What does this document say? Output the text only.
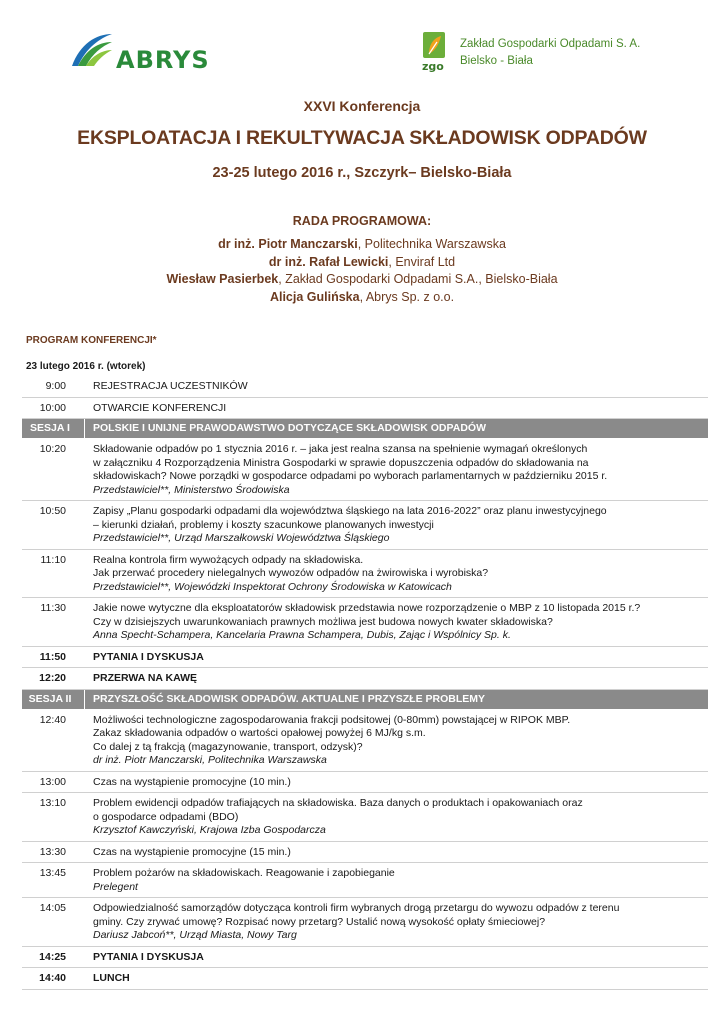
ABRYS	zgo
Zakład Gospodarki Odpadami S. A.
Bielsko - Biała
XXVI Konferencja
EKSPLOATACJA I REKULTYWACJA SKŁADOWISK ODPADÓW
23-25 lutego 2016 r., Szczyrk– Bielsko-Biała
RADA PROGRAMOWA:
dr inż. Piotr Manczarski, Politechnika Warszawska
dr inż. Rafał Lewicki, Enviraf Ltd
Wiesław Pasierbek, Zakład Gospodarki Odpadami S.A., Bielsko-Biała
Alicja Gulińska, Abrys Sp. z o.o.
PROGRAM KONFERENCJI*
23 lutego 2016 r. (wtorek)
9:00	REJESTRACJA UCZESTNIKÓW
10:00	OTWARCIE KONFERENCJI
SESJA I POLSKIE I UNIJNE PRAWODAWSTWO DOTYCZĄCE SKŁADOWISK ODPADÓW
10:20	Składowanie odpadów po 1 stycznia 2016 r. – jaka jest realna szansa na spełnienie wymagań określonych
w załączniku 4 Rozporządzenia Ministra Gospodarki w sprawie dopuszczenia odpadów do składowania na
składowiskach? Nowe porządki w gospodarce odpadami po wyborach parlamentarnych w październiku 2015 r.
Przedstawiciel**, Ministerstwo Środowiska
10:50	Zapisy „Planu gospodarki odpadami dla województwa śląskiego na lata 2016-2022” oraz planu inwestycyjnego
– kierunki działań, problemy i koszty szacunkowe planowanych inwestycji
Przedstawiciel**, Urząd Marszałkowski Województwa Śląskiego
11:10	Realna kontrola firm wywożących odpady na składowiska.
Jak przerwać procedery nielegalnych wywozów odpadów na żwirowiska i wyrobiska?
Przedstawiciel**, Wojewódzki Inspektorat Ochrony Środowiska w Katowicach
11:30	Jakie nowe wytyczne dla eksploatatorów składowisk przedstawia nowe rozporządzenie o MBP z 10 listopada 2015 r.?
Czy w dzisiejszych uwarunkowaniach prawnych możliwa jest budowa nowych kwater składowiska?
Anna Specht-Schampera, Kancelaria Prawna Schampera, Dubis, Zając i Wspólnicy Sp. k.
11:50	PYTANIA I DYSKUSJA
12:20	PRZERWA NA KAWĘ
SESJA II PRZYSZŁOŚĆ SKŁADOWISK ODPADÓW. AKTUALNE I PRZYSZŁE PROBLEMY
12:40	Możliwości technologiczne zagospodarowania frakcji podsitowej (0-80mm) powstającej w RIPOK MBP.
Zakaz składowania odpadów o wartości opałowej powyżej 6 MJ/kg s.m.
Co dalej z tą frakcją (magazynowanie, transport, odzysk)?
dr inż. Piotr Manczarski, Politechnika Warszawska
13:00	Czas na wystąpienie promocyjne (10 min.)
13:10	Problem ewidencji odpadów trafiających na składowiska. Baza danych o produktach i opakowaniach oraz
o gospodarce odpadami (BDO)
Krzysztof Kawczyński, Krajowa Izba Gospodarcza
13:30	Czas na wystąpienie promocyjne (15 min.)
13:45	Problem pożarów na składowiskach. Reagowanie i zapobieganie
Prelegent
14:05	Odpowiedzialność samorządów dotycząca kontroli firm wybranych drogą przetargu do wywozu odpadów z terenu
gminy. Czy zrywać umowę? Rozpisać nowy przetarg? Ustalić nową wysokość opłaty śmieciowej?
Dariusz Jabcoń**, Urząd Miasta, Nowy Targ
14:25	PYTANIA I DYSKUSJA
14:40	LUNCH
